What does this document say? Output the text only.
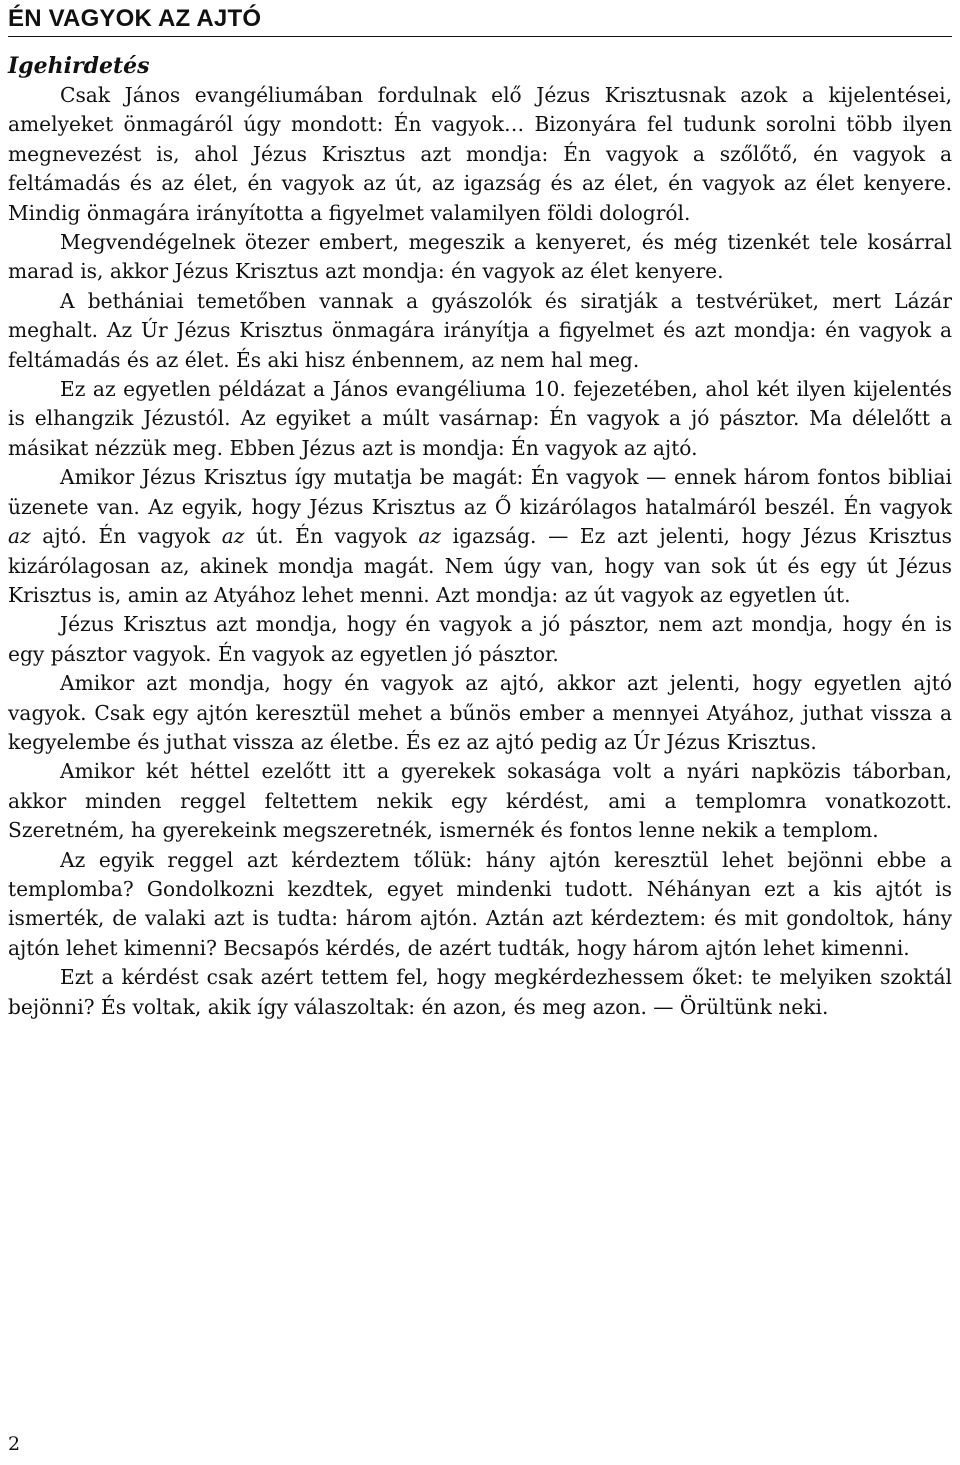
ÉN VAGYOK AZ AJTÓ
Igehirdetés

Csak János evangéliumában fordulnak elő Jézus Krisztusnak azok a kijelentései, amelyeket önmagáról úgy mondott: Én vagyok… Bizonyára fel tudunk sorolni több ilyen megnevezést is, ahol Jézus Krisztus azt mondja: Én vagyok a szőlőtő, én vagyok a feltámadás és az élet, én vagyok az út, az igazság és az élet, én vagyok az élet kenyere. Mindig önmagára irányította a figyelmet valamilyen földi dologról.

Megvendégelnek ötezer embert, megeszik a kenyeret, és még tizenkét tele kosárral marad is, akkor Jézus Krisztus azt mondja: én vagyok az élet kenyere.

A bethániai temetőben vannak a gyászolók és siratják a testvérüket, mert Lázár meghalt. Az Úr Jézus Krisztus önmagára irányítja a figyelmet és azt mondja: én vagyok a feltámadás és az élet. És aki hisz énbennem, az nem hal meg.

Ez az egyetlen példázat a János evangéliuma 10. fejezetében, ahol két ilyen kijelentés is elhangzik Jézustól. Az egyiket a múlt vasárnap: Én vagyok a jó pásztor. Ma délelőtt a másikat nézzük meg. Ebben Jézus azt is mondja: Én vagyok az ajtó.

Amikor Jézus Krisztus így mutatja be magát: Én vagyok — ennek három fontos bibliai üzenete van. Az egyik, hogy Jézus Krisztus az Ő kizárólagos hatalmáról beszél. Én vagyok az ajtó. Én vagyok az út. Én vagyok az igazság. — Ez azt jelenti, hogy Jézus Krisztus kizárólagosan az, akinek mondja magát. Nem úgy van, hogy van sok út és egy út Jézus Krisztus is, amin az Atyához lehet menni. Azt mondja: az út vagyok az egyetlen út.

Jézus Krisztus azt mondja, hogy én vagyok a jó pásztor, nem azt mondja, hogy én is egy pásztor vagyok. Én vagyok az egyetlen jó pásztor.

Amikor azt mondja, hogy én vagyok az ajtó, akkor azt jelenti, hogy egyetlen ajtó vagyok. Csak egy ajtón keresztül mehet a bűnös ember a mennyei Atyához, juthat vissza a kegyelembe és juthat vissza az életbe. És ez az ajtó pedig az Úr Jézus Krisztus.

Amikor két héttel ezelőtt itt a gyerekek sokasága volt a nyári napközis táborban, akkor minden reggel feltettem nekik egy kérdést, ami a templomra vonatkozott. Szeretném, ha gyerekeink megszeretnék, ismernék és fontos lenne nekik a templom.

Az egyik reggel azt kérdeztem tőlük: hány ajtón keresztül lehet bejönni ebbe a templomba? Gondolkozni kezdtek, egyet mindenki tudott. Néhányan ezt a kis ajtót is ismerték, de valaki azt is tudta: három ajtón. Aztán azt kérdeztem: és mit gondoltok, hány ajtón lehet kimenni? Becsapós kérdés, de azért tudták, hogy három ajtón lehet kimenni.

Ezt a kérdést csak azért tettem fel, hogy megkérdezhessem őket: te melyiken szoktál bejönni? És voltak, akik így válaszoltak: én azon, és meg azon. — Örültünk neki.

2
